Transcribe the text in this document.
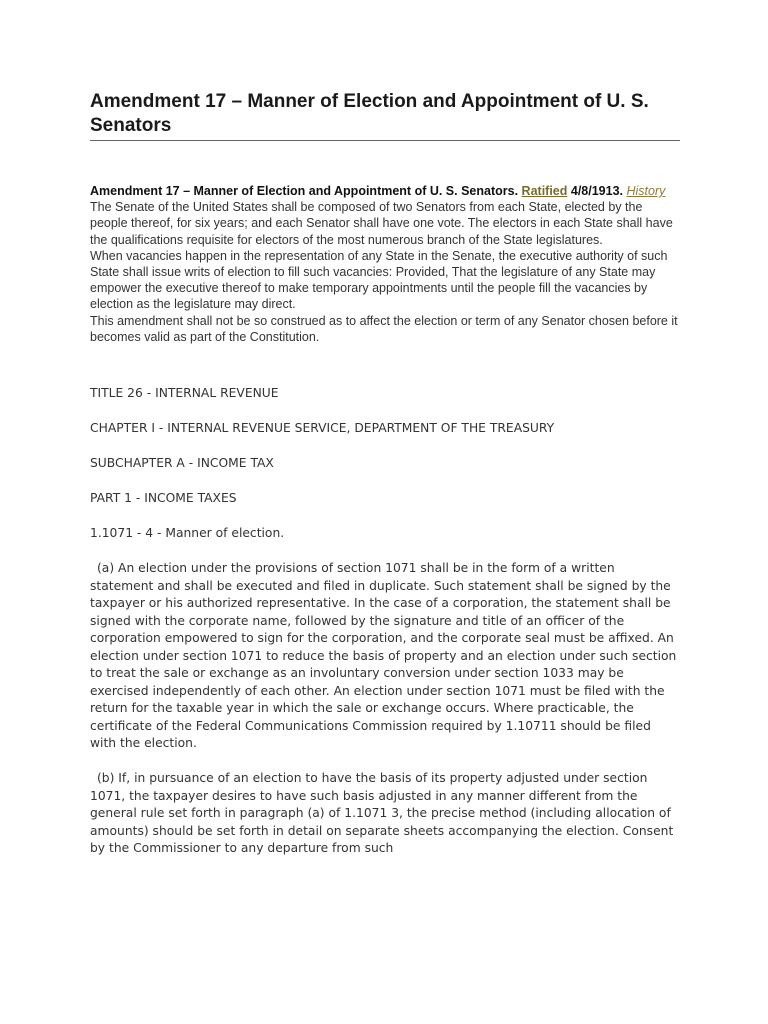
Amendment 17 – Manner of Election and Appointment of U. S. Senators
Amendment 17 – Manner of Election and Appointment of U. S. Senators. Ratified 4/8/1913. History

The Senate of the United States shall be composed of two Senators from each State, elected by the people thereof, for six years; and each Senator shall have one vote. The electors in each State shall have the qualifications requisite for electors of the most numerous branch of the State legislatures.

When vacancies happen in the representation of any State in the Senate, the executive authority of such State shall issue writs of election to fill such vacancies: Provided, That the legislature of any State may empower the executive thereof to make temporary appointments until the people fill the vacancies by election as the legislature may direct.

This amendment shall not be so construed as to affect the election or term of any Senator chosen before it becomes valid as part of the Constitution.

TITLE 26 - INTERNAL REVENUE

CHAPTER I - INTERNAL REVENUE SERVICE, DEPARTMENT OF THE TREASURY

SUBCHAPTER A - INCOME TAX

PART 1 - INCOME TAXES

1.1071 - 4 - Manner of election.

(a) An election under the provisions of section 1071 shall be in the form of a written statement and shall be executed and filed in duplicate. Such statement shall be signed by the taxpayer or his authorized representative. In the case of a corporation, the statement shall be signed with the corporate name, followed by the signature and title of an officer of the corporation empowered to sign for the corporation, and the corporate seal must be affixed. An election under section 1071 to reduce the basis of property and an election under such section to treat the sale or exchange as an involuntary conversion under section 1033 may be exercised independently of each other. An election under section 1071 must be filed with the return for the taxable year in which the sale or exchange occurs. Where practicable, the certificate of the Federal Communications Commission required by 1.10711 should be filed with the election.

(b) If, in pursuance of an election to have the basis of its property adjusted under section 1071, the taxpayer desires to have such basis adjusted in any manner different from the general rule set forth in paragraph (a) of 1.1071 3, the precise method (including allocation of amounts) should be set forth in detail on separate sheets accompanying the election. Consent by the Commissioner to any departure from such
